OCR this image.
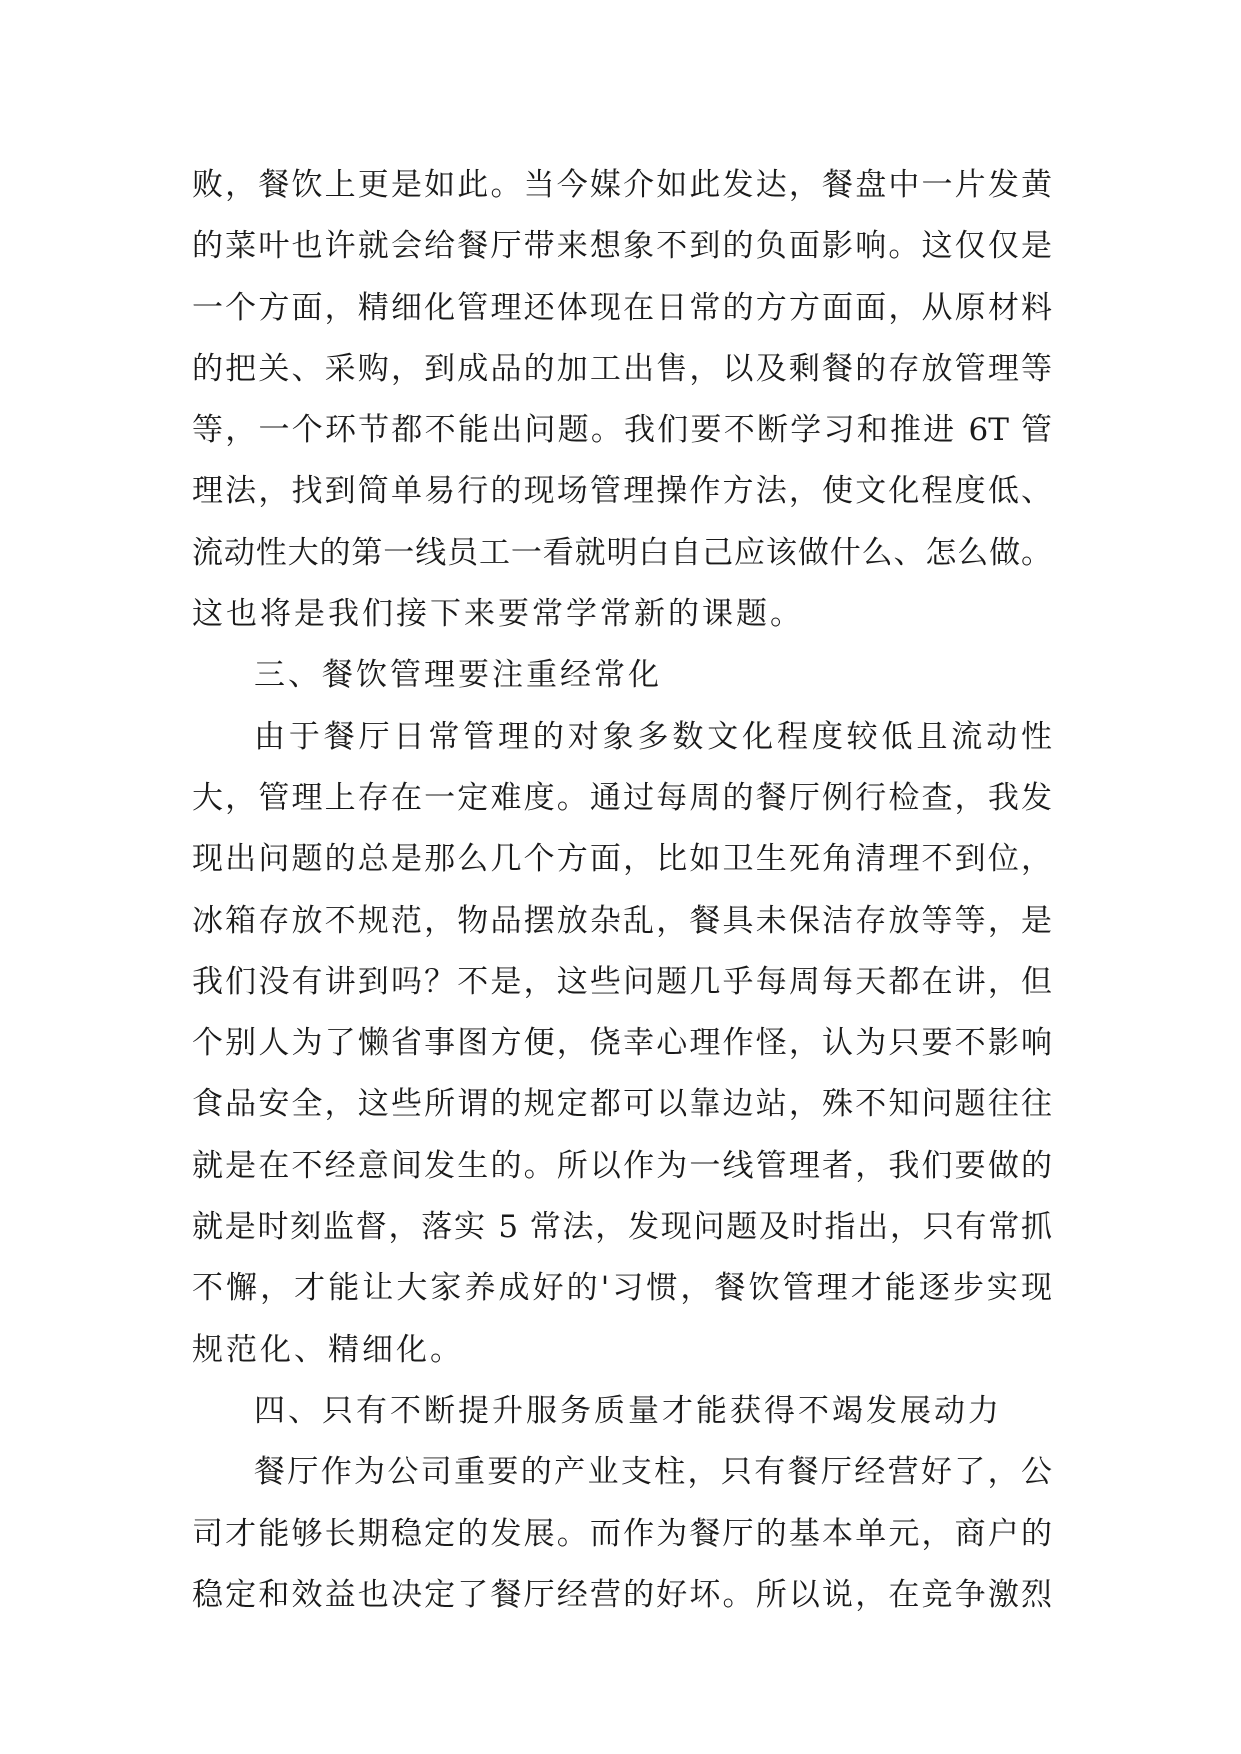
败，餐饮上更是如此。当今媒介如此发达，餐盘中一片发黄
的菜叶也许就会给餐厅带来想象不到的负面影响。这仅仅是
一个方面，精细化管理还体现在日常的方方面面，从原材料
的把关、采购，到成品的加工出售，以及剩餐的存放管理等
等，一个环节都不能出问题。我们要不断学习和推进 6T 管
理法，找到简单易行的现场管理操作方法，使文化程度低、
流动性大的第一线员工一看就明白自己应该做什么、怎么做。
这也将是我们接下来要常学常新的课题。
三、餐饮管理要注重经常化
由于餐厅日常管理的对象多数文化程度较低且流动性
大，管理上存在一定难度。通过每周的餐厅例行检查，我发
现出问题的总是那么几个方面，比如卫生死角清理不到位，
冰箱存放不规范，物品摆放杂乱，餐具未保洁存放等等，是
我们没有讲到吗？不是，这些问题几乎每周每天都在讲，但
个别人为了懒省事图方便，侥幸心理作怪，认为只要不影响
食品安全，这些所谓的规定都可以靠边站，殊不知问题往往
就是在不经意间发生的。所以作为一线管理者，我们要做的
就是时刻监督，落实 5 常法，发现问题及时指出，只有常抓
不懈，才能让大家养成好的'习惯，餐饮管理才能逐步实现
规范化、精细化。
四、只有不断提升服务质量才能获得不竭发展动力
餐厅作为公司重要的产业支柱，只有餐厅经营好了，公
司才能够长期稳定的发展。而作为餐厅的基本单元，商户的
稳定和效益也决定了餐厅经营的好坏。所以说，在竞争激烈
